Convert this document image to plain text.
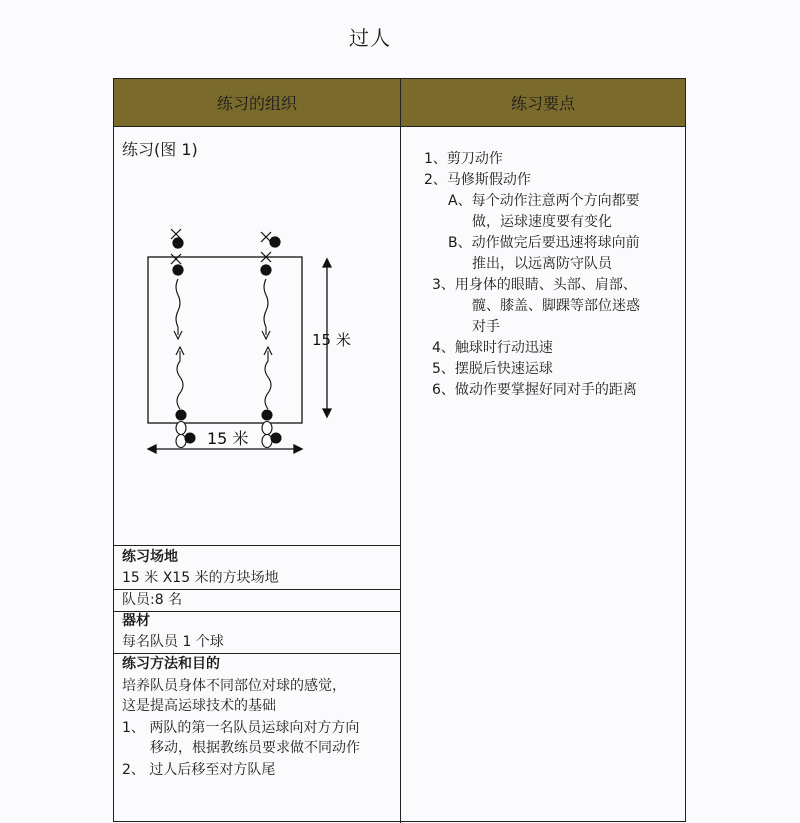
过人
练习的组织	练习要点
练习(图 1)
15 米
15 米
练习场地
15 米 X15 米的方块场地
队员:8 名
器材
每名队员 1 个球
练习方法和目的
培养队员身体不同部位对球的感觉，
这是提高运球技术的基础
1、 两队的第一名队员运球向对方方向
移动，根据教练员要求做不同动作
2、 过人后移至对方队尾
1、剪刀动作
2、马修斯假动作
A、每个动作注意两个方向都要
做，运球速度要有变化
B、动作做完后要迅速将球向前
推出，以远离防守队员
3、用身体的眼睛、头部、肩部、
髋、膝盖、脚踝等部位迷惑
对手
4、触球时行动迅速
5、摆脱后快速运球
6、做动作要掌握好同对手的距离
